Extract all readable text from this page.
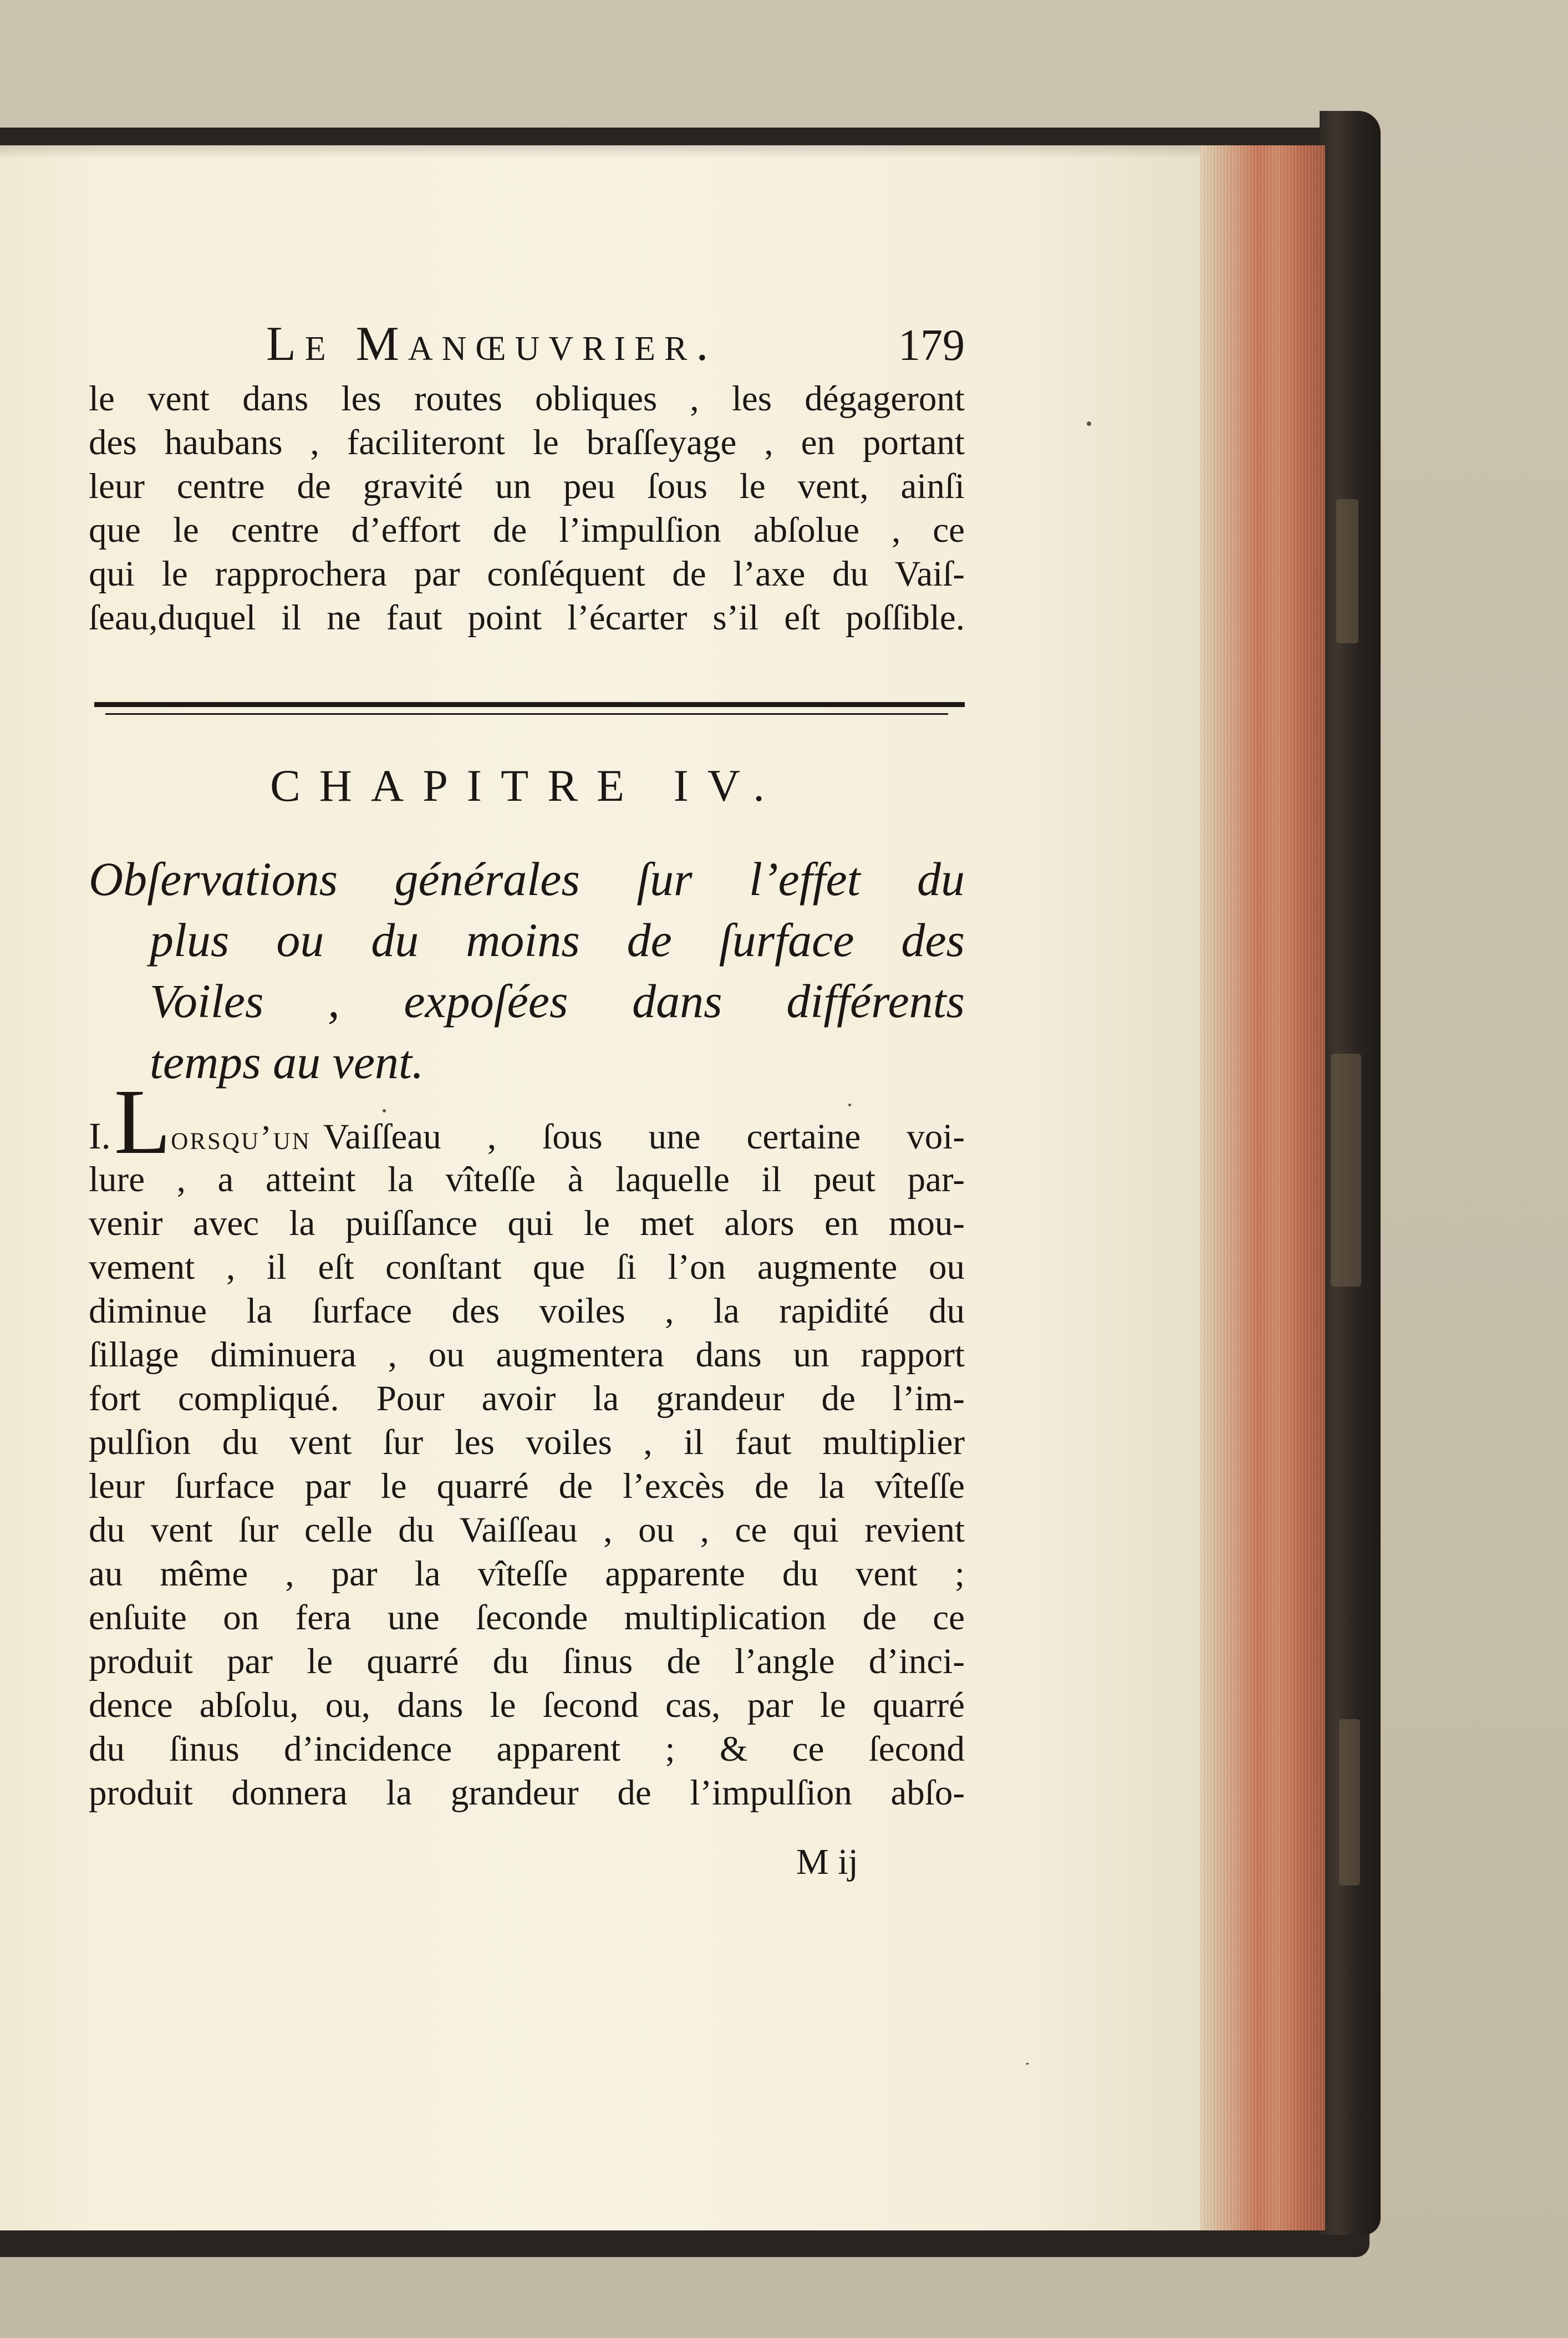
Le Manœuvrier.	179
le vent dans les routes obliques , les dégageront
des haubans , faciliteront le braſſeyage , en portant
leur centre de gravité un peu ſous le vent, ainſi
que le centre d’effort de l’impulſion abſolue , ce
qui le rapprochera par conſéquent de l’axe du Vaiſ-
ſeau,duquel il ne faut point l’écarter s’il eſt poſſible.
CHAPITRE IV.
Obſervations générales ſur l’effet du
plus ou du moins de ſurface des
Voiles , expoſées dans différents
temps au vent.
I. L orsqu’un Vaiſſeau , ſous une certaine voi-
lure , a atteint la vîteſſe à laquelle il peut par-
venir avec la puiſſance qui le met alors en mou-
vement , il eſt conſtant que ſi l’on augmente ou
diminue la ſurface des voiles , la rapidité du
ſillage diminuera , ou augmentera dans un rapport
fort compliqué. Pour avoir la grandeur de l’im-
pulſion du vent ſur les voiles , il faut multiplier
leur ſurface par le quarré de l’excès de la vîteſſe
du vent ſur celle du Vaiſſeau , ou , ce qui revient
au même , par la vîteſſe apparente du vent ;
enſuite on fera une ſeconde multiplication de ce
produit par le quarré du ſinus de l’angle d’inci-
dence abſolu, ou, dans le ſecond cas, par le quarré
du ſinus d’incidence apparent ; & ce ſecond
produit donnera la grandeur de l’impulſion abſo-
M ij
